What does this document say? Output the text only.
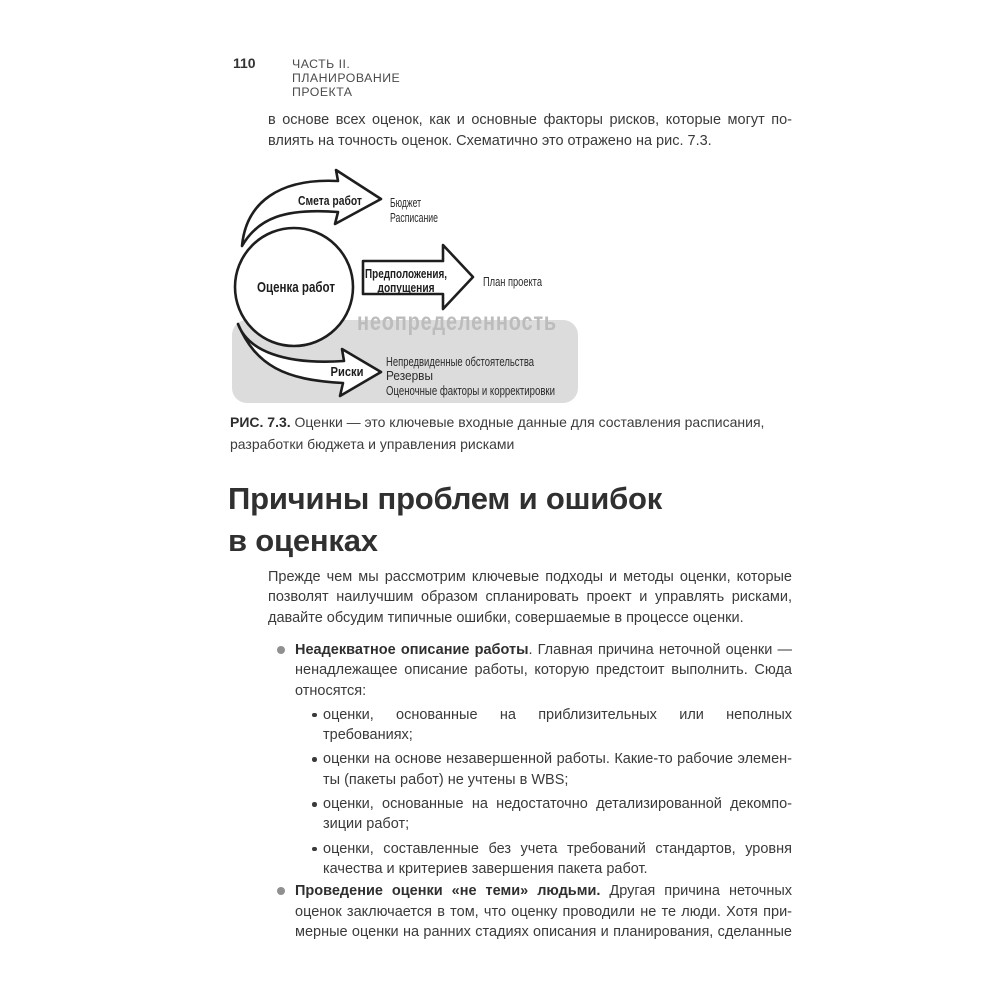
110	ЧАСТЬ II. ПЛАНИРОВАНИЕ ПРОЕКТА

в основе всех оценок, как и основные факторы рисков, которые могут по-
влиять на точность оценок. Схематично это отражено на рис. 7.3.

неопределенность
Оценка работ
Смета работ
Предположения,
допущения
Риски
Бюджет
Расписание
План проекта
Непредвиденные обстоятельства
Резервы
Оценочные факторы и корректировки

РИС. 7.3. Оценки — это ключевые входные данные для составления расписания,
разработки бюджета и управления рисками

Причины проблем и ошибок
в оценках

Прежде чем мы рассмотрим ключевые подходы и методы оценки, которые
позволят наилучшим образом спланировать проект и управлять рисками,
давайте обсудим типичные ошибки, совершаемые в процессе оценки.

Неадекватное описание работы. Главная причина неточной оценки —
ненадлежащее описание работы, которую предстоит выполнить. Сюда
относятся:
оценки, основанные на приблизительных или неполных требованиях;
оценки на основе незавершенной работы. Какие-то рабочие элемен-
ты (пакеты работ) не учтены в WBS;
оценки, основанные на недостаточно детализированной декомпо-
зиции работ;
оценки, составленные без учета требований стандартов, уровня
качества и критериев завершения пакета работ.
Проведение оценки «не теми» людьми. Другая причина неточных
оценок заключается в том, что оценку проводили не те люди. Хотя при-
мерные оценки на ранних стадиях описания и планирования, сделанные
